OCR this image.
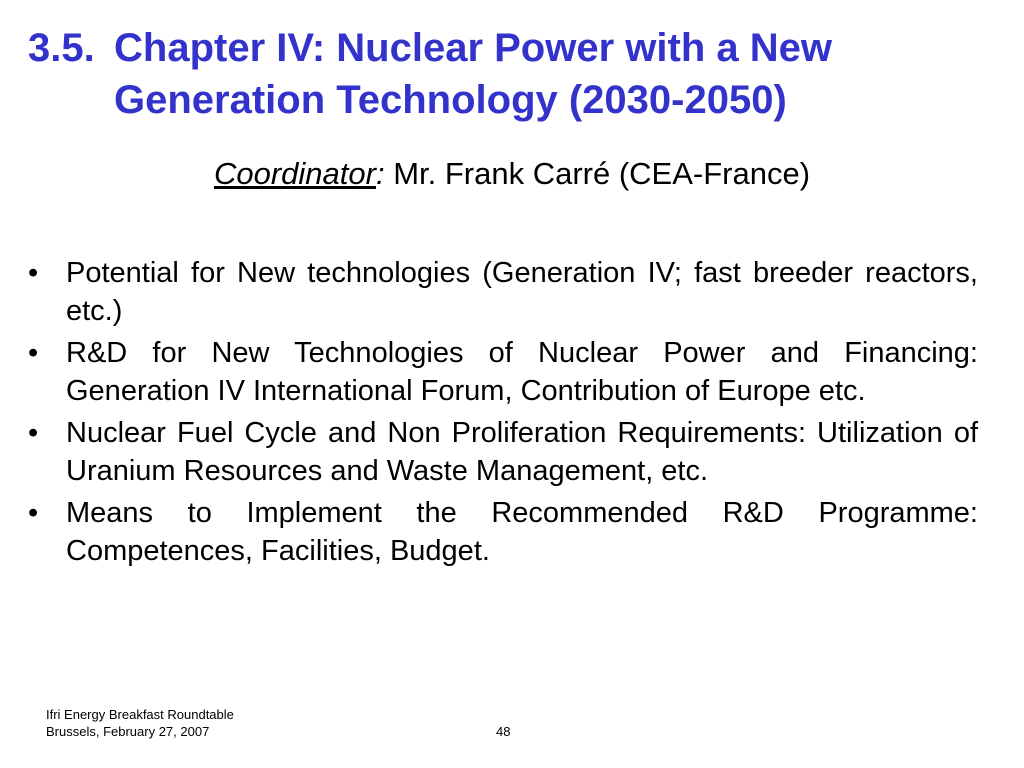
3.5. Chapter IV: Nuclear Power with a New
Generation Technology (2030-2050)
Coordinator: Mr. Frank Carré (CEA-France)
• Potential for New technologies (Generation IV; fast breeder reactors, etc.)
• R&D for New Technologies of Nuclear Power and Financing: Generation IV International Forum, Contribution of Europe etc.
• Nuclear Fuel Cycle and Non Proliferation Requirements: Utilization of Uranium Resources and Waste Management, etc.
• Means to Implement the Recommended R&D Programme: Competences, Facilities, Budget.
Ifri Energy Breakfast Roundtable
Brussels, February 27, 2007	48
